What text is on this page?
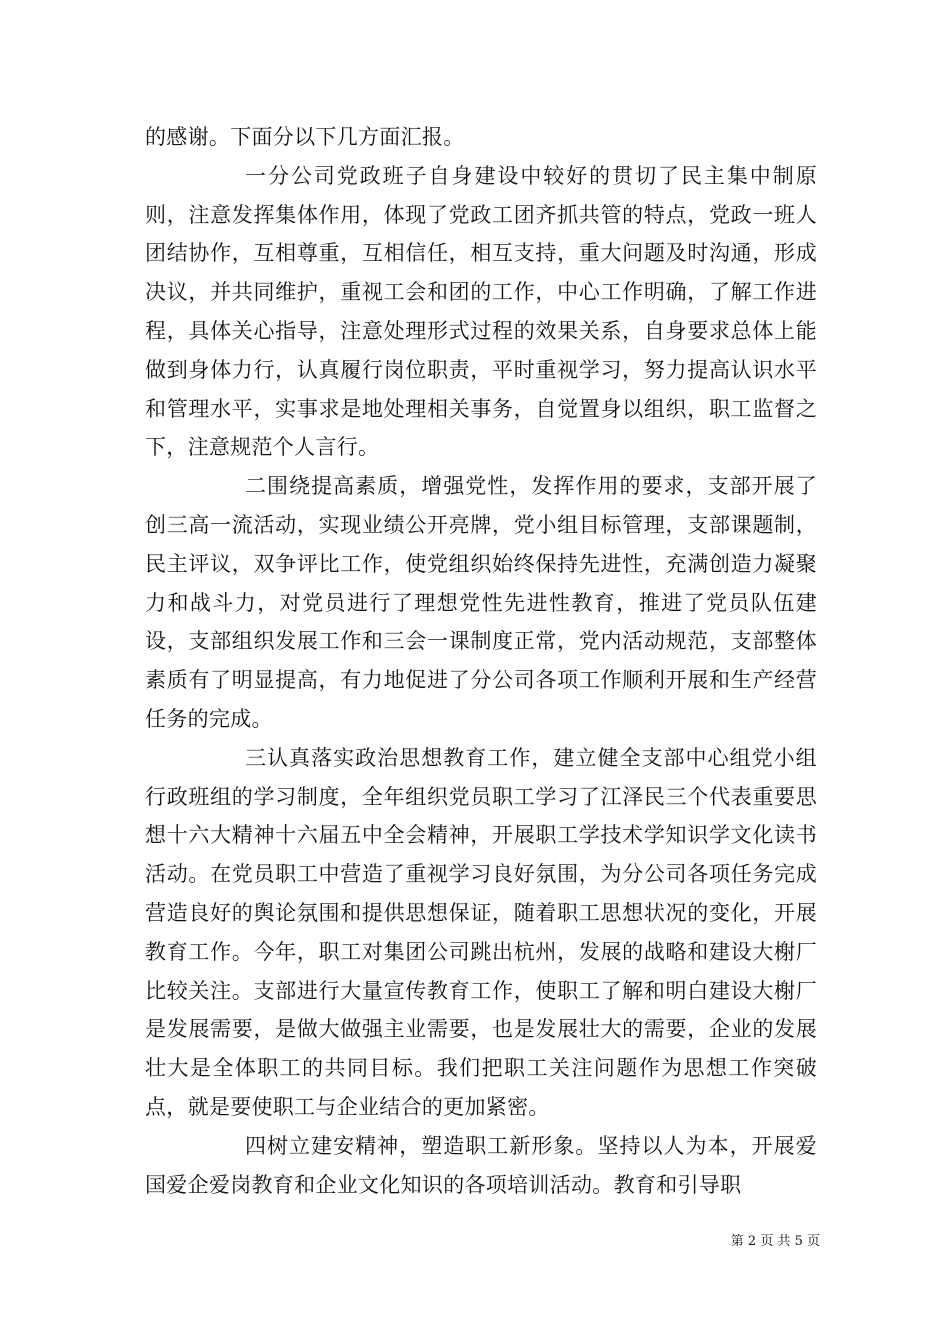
的感谢。下面分以下几方面汇报。

一分公司党政班子自身建设中较好的贯切了民主集中制原则，注意发挥集体作用，体现了党政工团齐抓共管的特点，党政一班人团结协作，互相尊重，互相信任，相互支持，重大问题及时沟通，形成决议，并共同维护，重视工会和团的工作，中心工作明确，了解工作进程，具体关心指导，注意处理形式过程的效果关系，自身要求总体上能做到身体力行，认真履行岗位职责，平时重视学习，努力提高认识水平和管理水平，实事求是地处理相关事务，自觉置身以组织，职工监督之下，注意规范个人言行。

二围绕提高素质，增强党性，发挥作用的要求，支部开展了创三高一流活动，实现业绩公开亮牌，党小组目标管理，支部课题制，民主评议，双争评比工作，使党组织始终保持先进性，充满创造力凝聚力和战斗力，对党员进行了理想党性先进性教育，推进了党员队伍建设，支部组织发展工作和三会一课制度正常，党内活动规范，支部整体素质有了明显提高，有力地促进了分公司各项工作顺利开展和生产经营任务的完成。

三认真落实政治思想教育工作，建立健全支部中心组党小组行政班组的学习制度，全年组织党员职工学习了江泽民三个代表重要思想十六大精神十六届五中全会精神，开展职工学技术学知识学文化读书活动。在党员职工中营造了重视学习良好氛围，为分公司各项任务完成营造良好的舆论氛围和提供思想保证，随着职工思想状况的变化，开展教育工作。今年，职工对集团公司跳出杭州，发展的战略和建设大榭厂比较关注。支部进行大量宣传教育工作，使职工了解和明白建设大榭厂是发展需要，是做大做强主业需要，也是发展壮大的需要，企业的发展壮大是全体职工的共同目标。我们把职工关注问题作为思想工作突破点，就是要使职工与企业结合的更加紧密。

四树立建安精神，塑造职工新形象。坚持以人为本，开展爱国爱企爱岗教育和企业文化知识的各项培训活动。教育和引导职

第 2 页 共 5 页
